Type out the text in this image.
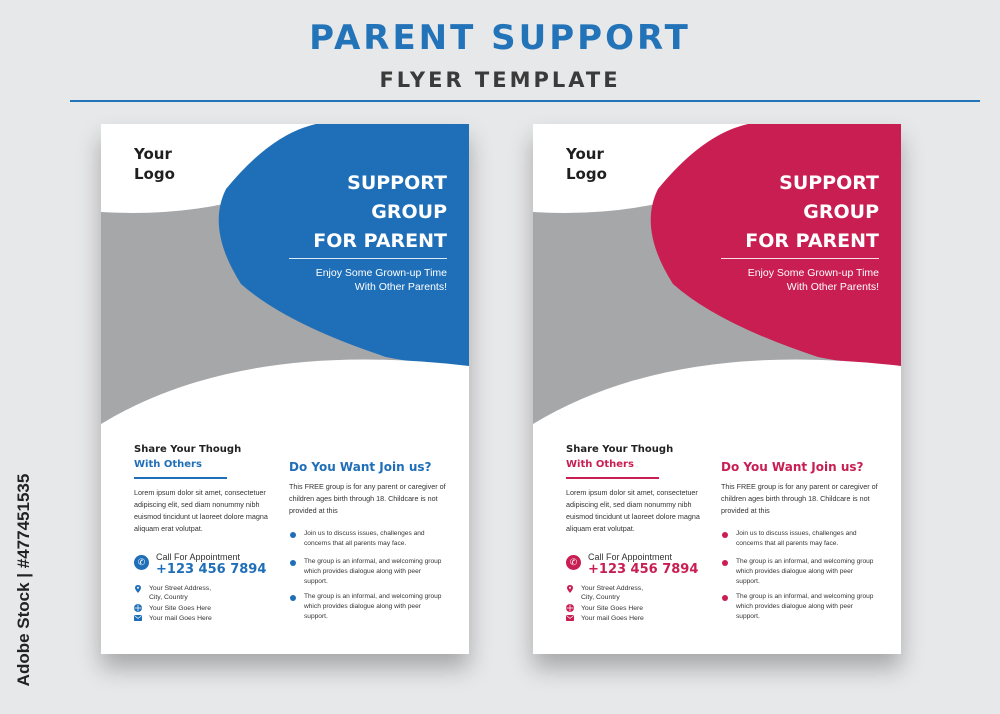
PARENT SUPPORT
FLYER TEMPLATE
Adobe Stock | #477451535
Your
Logo	SUPPORT
GROUP
FOR PARENT
Enjoy Some Grown-up Time
With Other Parents!
Share Your Though
With Others
Lorem ipsum dolor sit amet, consectetuer adipiscing elit, sed diam nonummy nibh euismod tincidunt ut laoreet dolore magna aliquam erat volutpat.
✆	Call For Appointment
+123 456 7894
Your Street Address,
City, Country
Your Site Goes Here
Your mail Goes Here
Do You Want Join us?
This FREE group is for any parent or caregiver of children ages birth through 18. Childcare is not provided at this
Join us to discuss issues, challenges and concerns that all parents may face.
The group is an informal, and welcoming group which provides dialogue along with peer support.
The group is an informal, and welcoming group which provides dialogue along with peer support.
Your
Logo	SUPPORT
GROUP
FOR PARENT
Enjoy Some Grown-up Time
With Other Parents!
Share Your Though
With Others
Lorem ipsum dolor sit amet, consectetuer adipiscing elit, sed diam nonummy nibh euismod tincidunt ut laoreet dolore magna aliquam erat volutpat.
✆	Call For Appointment
+123 456 7894
Your Street Address,
City, Country
Your Site Goes Here
Your mail Goes Here
Do You Want Join us?
This FREE group is for any parent or caregiver of children ages birth through 18. Childcare is not provided at this
Join us to discuss issues, challenges and concerns that all parents may face.
The group is an informal, and welcoming group which provides dialogue along with peer support.
The group is an informal, and welcoming group which provides dialogue along with peer support.
